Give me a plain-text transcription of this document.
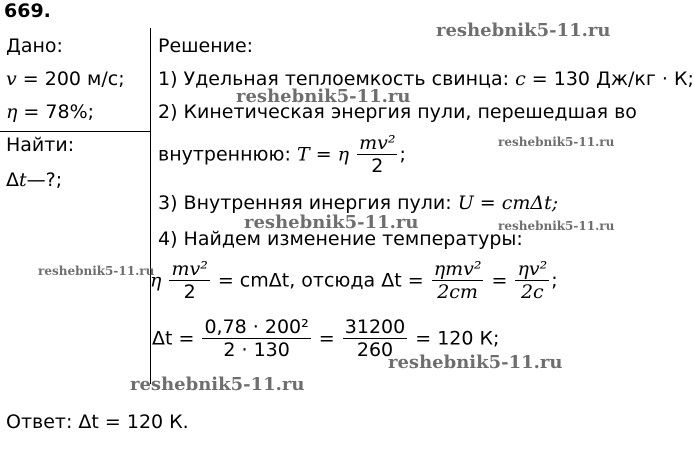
669.
Дано:
v = 200 м/с;
η = 78%;
Найти:
Δt—?;
Решение:
1) Удельная теплоемкость свинца: c = 130 Дж/кг · К;
2) Кинетическая энергия пули, перешедшая во
внутреннюю: T = η $\frac{\text{mv²}}{2}$ ;
3) Внутренняя инергия пули: U = cmΔt;
4) Найдем изменение температуры:
η $\frac{\text{mv²}}{2} = cm\Delta t$, отсюда $\Delta t = \frac{\text{ηmv²}}{2cm} = \frac{\text{ηv²}}{2c}$ ;
$\Delta t = \frac{\text{0,78 · 200²}}{2 \cdot 130} = \frac{31200}{260} = 120$ К;
Ответ: Δt = 120 К.
reshebnik5-11.ru
reshebnik5-11.ru
reshebnik5-11.ru
reshebnik5-11.ru	reshebnik5-11.ru
reshebnik5-11.ru
reshebnik5-11.ru
reshebnik5-11.ru
